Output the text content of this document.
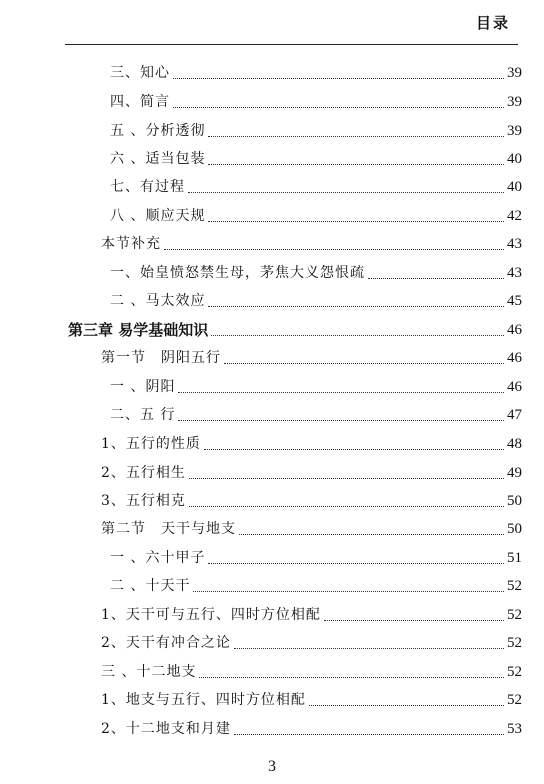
目录
三、知心	39
四、简言	39
五 、分析透彻	39
六 、适当包装	40
七、有过程	40
八 、顺应天规	42
本节补充	43
一、始皇愤怒禁生母，茅焦大义怨恨疏	43
二 、马太效应	45
第三章 易学基础知识	46
第一节　阴阳五行	46
一 、阴阳	46
二、五 行	47
1、五行的性质	48
2、五行相生	49
3、五行相克	50
第二节　天干与地支	50
一 、六十甲子	51
二 、十天干	52
1、天干可与五行、四时方位相配	52
2、天干有冲合之论	52
三 、十二地支	52
1、地支与五行、四时方位相配	52
2、十二地支和月建	53
3
